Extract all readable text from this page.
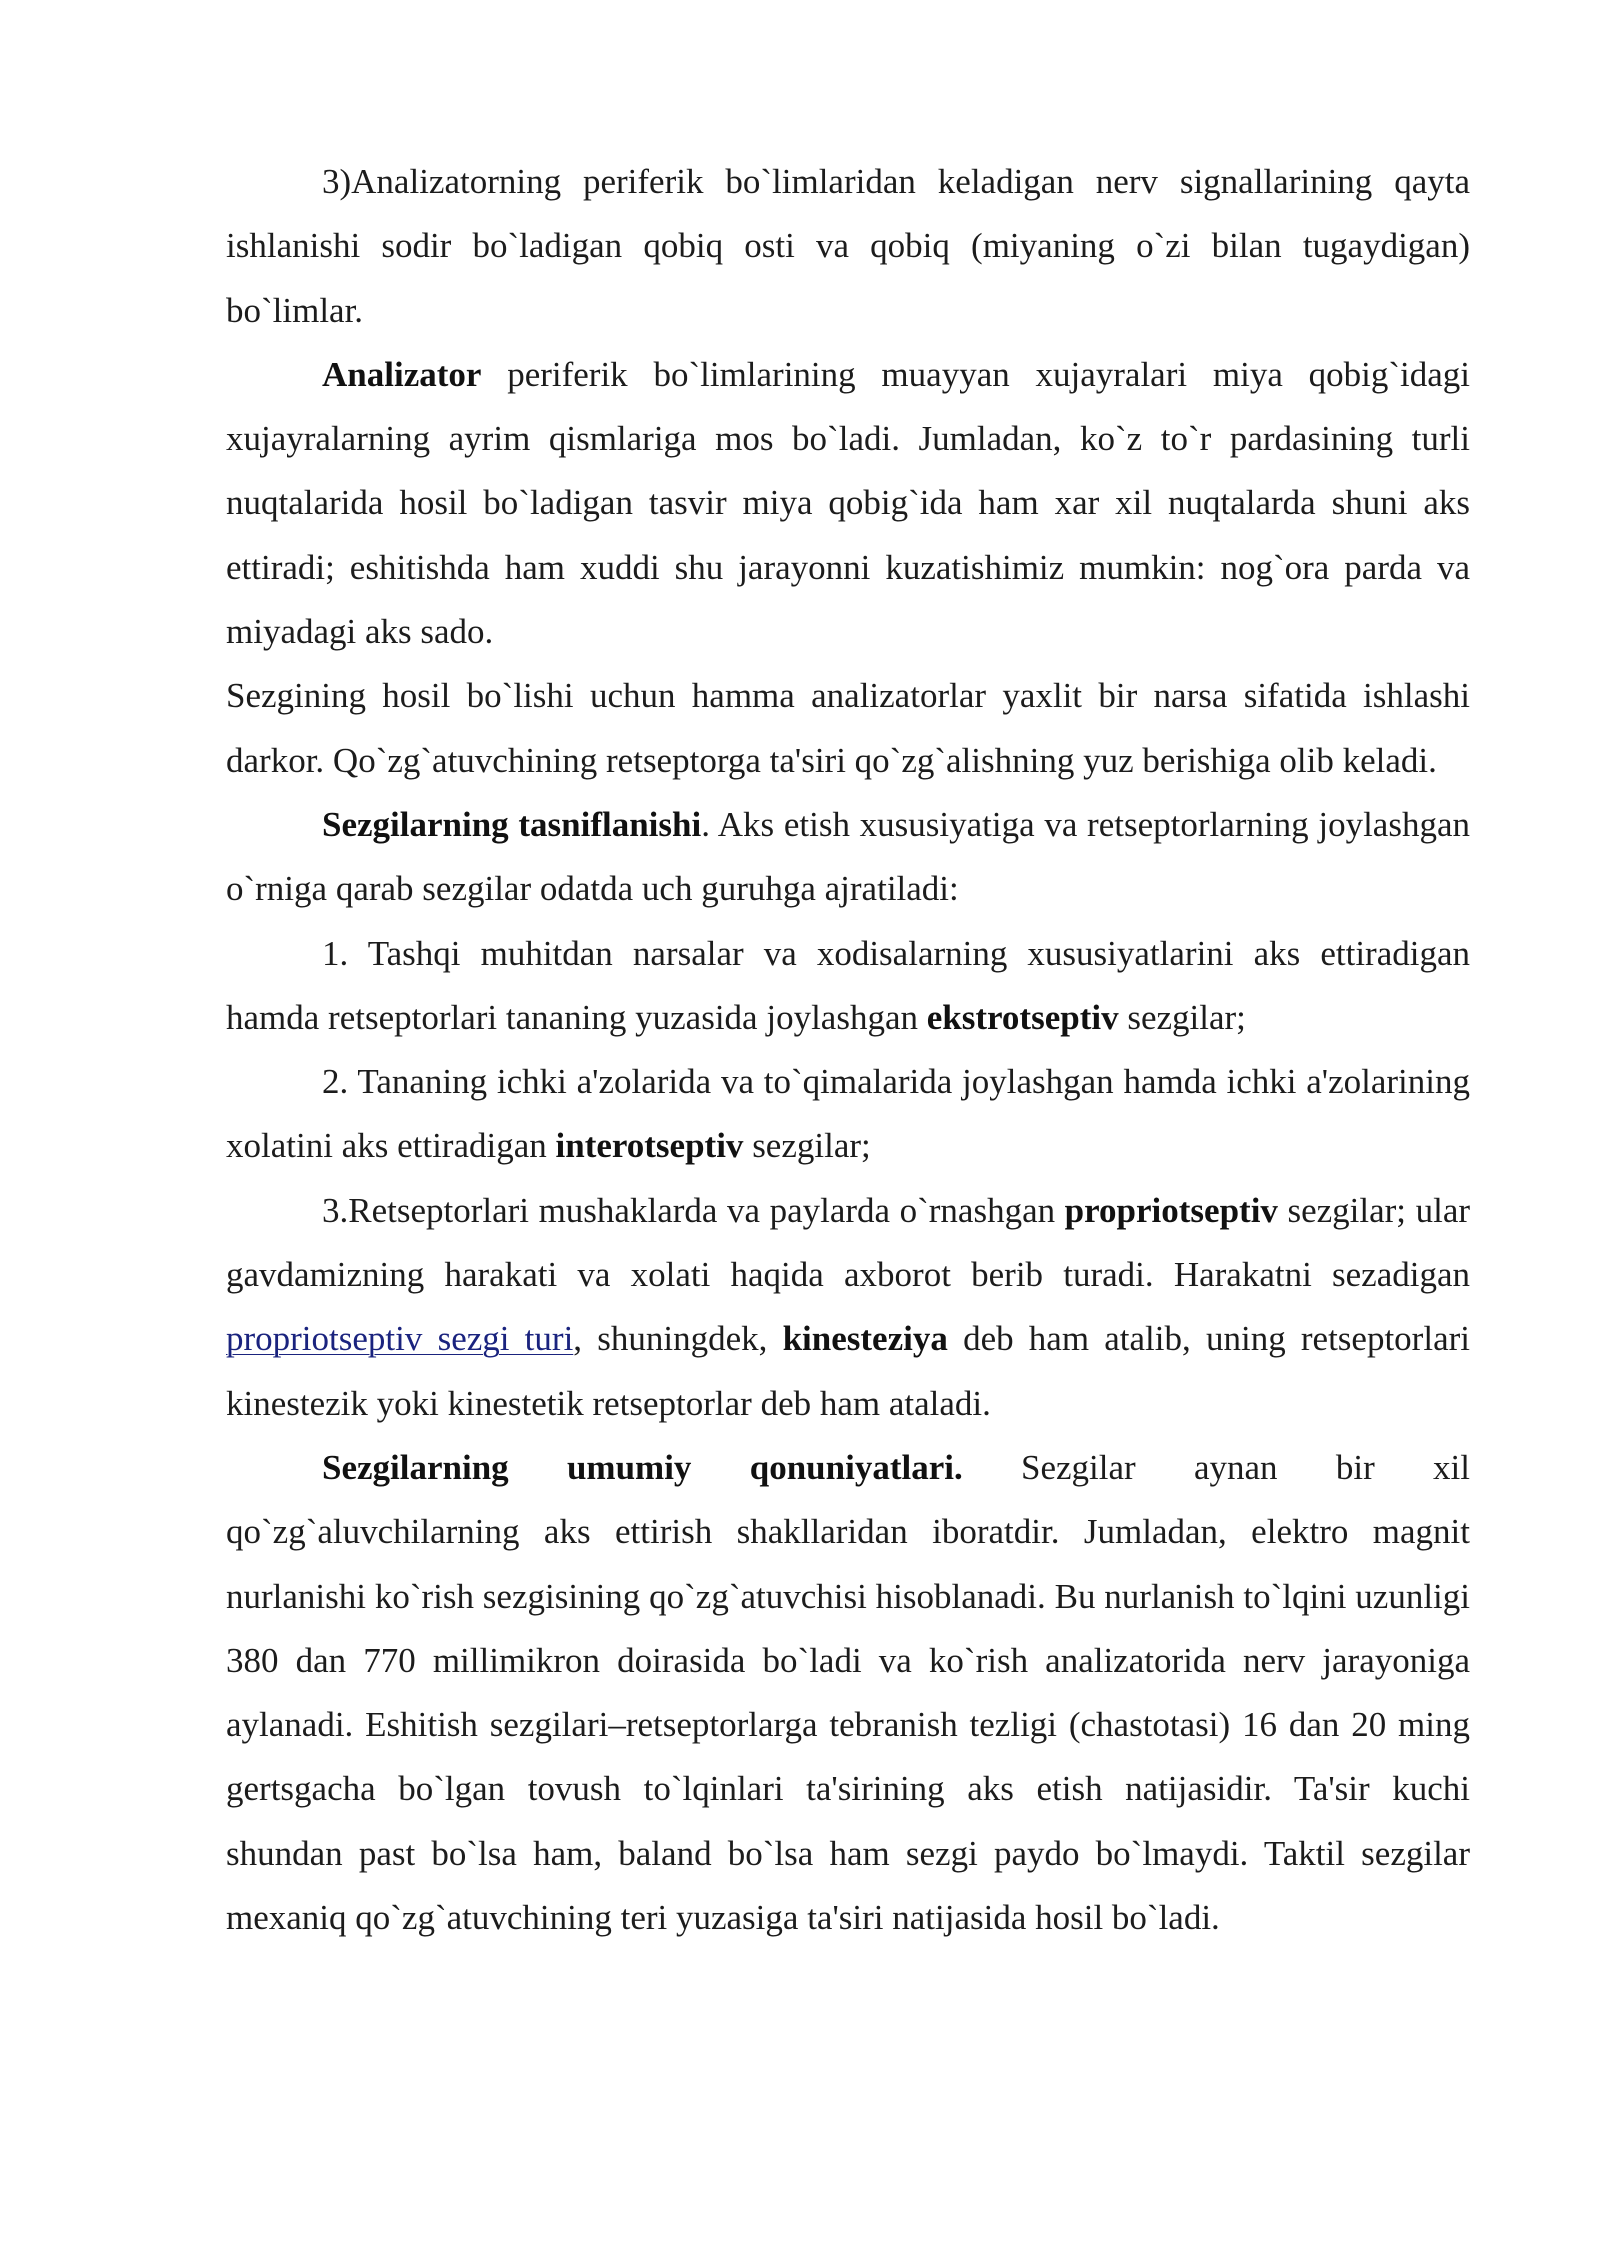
3)Analizatorning periferik bo`limlaridan keladigan nerv signallarining qayta ishlanishi sodir bo`ladigan qobiq osti va qobiq (miyaning o`zi bilan tugaydigan) bo`limlar.

Analizator periferik bo`limlarining muayyan xujayralari miya qobig`idagi xujayralarning ayrim qismlariga mos bo`ladi. Jumladan, ko`z to`r pardasining turli nuqtalarida hosil bo`ladigan tasvir miya qobig`ida ham xar xil nuqtalarda shuni aks ettiradi; eshitishda ham xuddi shu jarayonni kuzatishimiz mumkin: nog`ora parda va miyadagi aks sado.

Sezgining hosil bo`lishi uchun hamma analizatorlar yaxlit bir narsa sifatida ishlashi darkor. Qo`zg`atuvchining retseptorga ta'siri qo`zg`alishning yuz berishiga olib keladi.

Sezgilarning tasniflanishi. Aks etish xususiyatiga va retseptorlarning joylashgan o`rniga qarab sezgilar odatda uch guruhga ajratiladi:

1. Tashqi muhitdan narsalar va xodisalarning xususiyatlarini aks ettiradigan hamda retseptorlari tananing yuzasida joylashgan ekstrotseptiv sezgilar;

2. Tananing ichki a'zolarida va to`qimalarida joylashgan hamda ichki a'zolarining xolatini aks ettiradigan interotseptiv sezgilar;

3.Retseptorlari mushaklarda va paylarda o`rnashgan propriotseptiv sezgilar; ular gavdamizning harakati va xolati haqida axborot berib turadi. Harakatni sezadigan propriotseptiv sezgi turi, shuningdek, kinesteziya deb ham atalib, uning retseptorlari kinestezik yoki kinestetik retseptorlar deb ham ataladi.

Sezgilarning umumiy qonuniyatlari. Sezgilar aynan bir xil qo`zg`aluvchilarning aks ettirish shakllaridan iboratdir. Jumladan, elektro magnit nurlanishi ko`rish sezgisining qo`zg`atuvchisi hisoblanadi. Bu nurlanish to`lqini uzunligi 380 dan 770 millimikron doirasida bo`ladi va ko`rish analizatorida nerv jarayoniga aylanadi. Eshitish sezgilari–retseptorlarga tebranish tezligi (chastotasi) 16 dan 20 ming gertsgacha bo`lgan tovush to`lqinlari ta'sirining aks etish natijasidir. Ta'sir kuchi shundan past bo`lsa ham, baland bo`lsa ham sezgi paydo bo`lmaydi. Taktil sezgilar mexaniq qo`zg`atuvchining teri yuzasiga ta'siri natijasida hosil bo`ladi.
